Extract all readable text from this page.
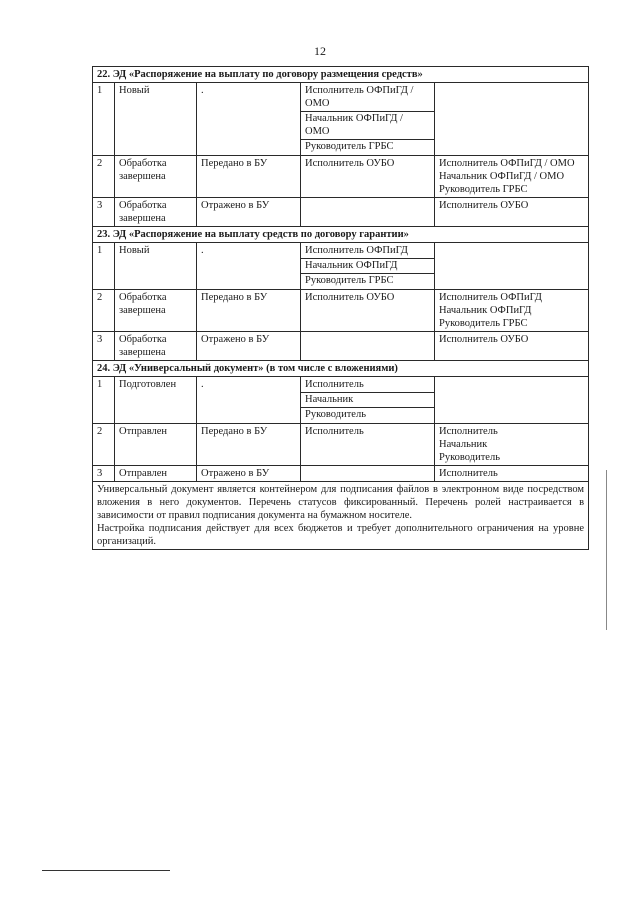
12
22. ЭД «Распоряжение на выплату по договору размещения средств»				
1	Новый	.	Исполнитель ОФПиГД / ОМО
Начальник ОФПиГД / ОМО
Руководитель ГРБС	

2	Обработка завершена	Передано в БУ	Исполнитель ОУБО	Исполнитель ОФПиГД / ОМО
Начальник ОФПиГД / ОМО
Руководитель ГРБС

3	Обработка завершена	Отражено в БУ		Исполнитель ОУБО

23. ЭД «Распоряжение на выплату средств по договору гарантии»				
1	Новый	.	Исполнитель ОФПиГД
Начальник ОФПиГД
Руководитель ГРБС	

2	Обработка завершена	Передано в БУ	Исполнитель ОУБО	Исполнитель ОФПиГД
Начальник ОФПиГД
Руководитель ГРБС

3	Обработка завершена	Отражено в БУ		Исполнитель ОУБО

24. ЭД «Универсальный документ» (в том числе с вложениями)				
1	Подготовлен	.	Исполнитель
Начальник
Руководитель	

2	Отправлен	Передано в БУ	Исполнитель	Исполнитель
Начальник
Руководитель

3	Отправлен	Отражено в БУ		Исполнитель

Универсальный документ является контейнером для подписания файлов в электронном виде посредством вложения в него документов. Перечень статусов фиксированный. Перечень ролей настраивается в зависимости от правил подписания документа на бумажном носителе.

Настройка подписания действует для всех бюджетов и требует дополнительного ограничения на уровне организаций.				
